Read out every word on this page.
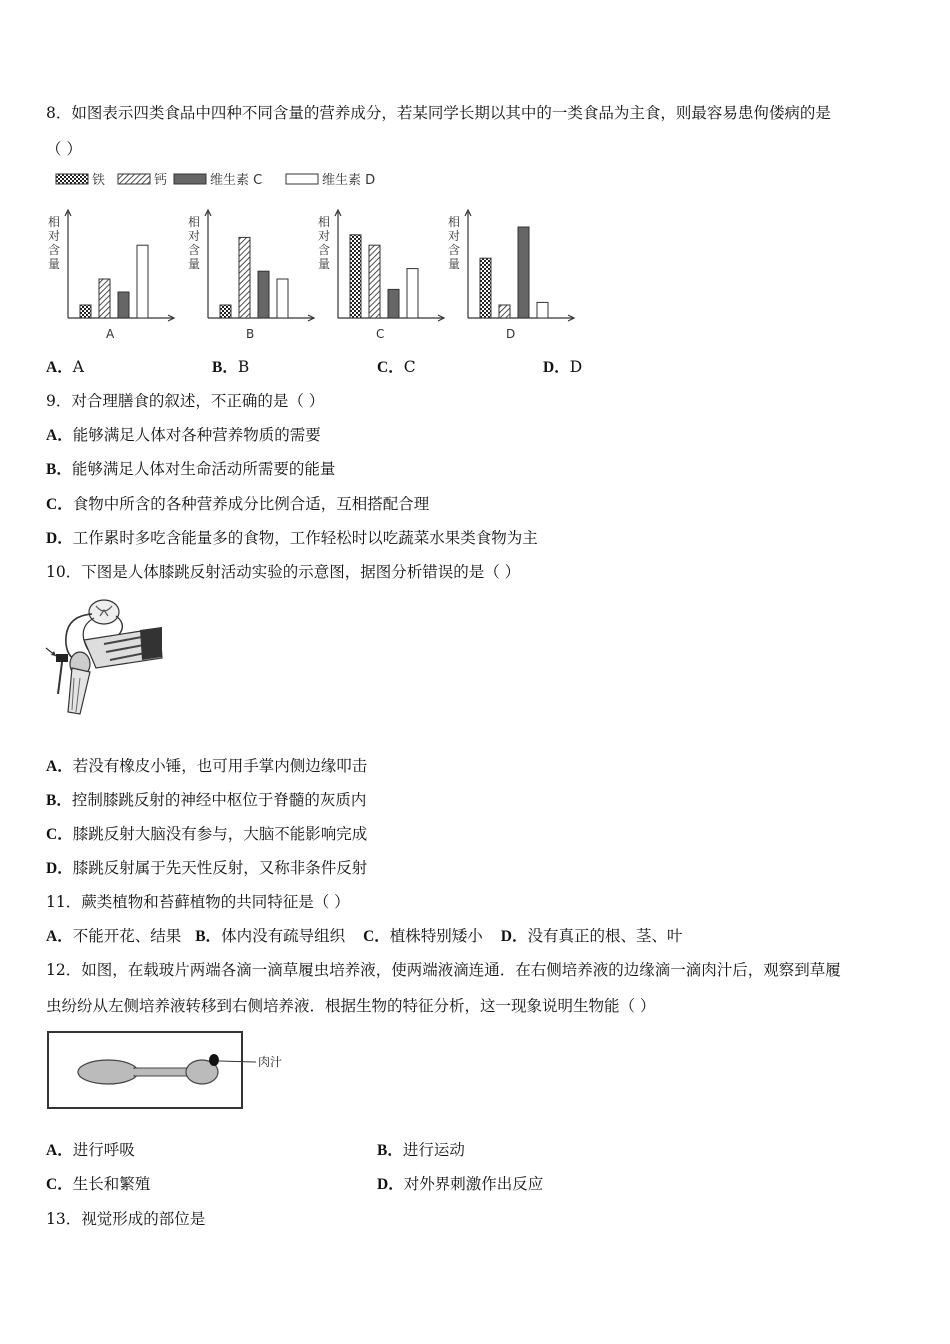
8．如图表示四类食品中四种不同含量的营养成分，若某同学长期以其中的一类食品为主食，则最容易患佝偻病的是
（ ）
铁	钙	维生素 C	维生素 D
相
对
含
量
A
相
对
含
量
B
相
对
含
量
C
相
对
含
量
D
A．A	B．B	C．C	D．D
9．对合理膳食的叙述，不正确的是（ ）
A．能够满足人体对各种营养物质的需要
B．能够满足人体对生命活动所需要的能量
C．食物中所含的各种营养成分比例合适，互相搭配合理
D．工作累时多吃含能量多的食物，工作轻松时以吃蔬菜水果类食物为主
10．下图是人体膝跳反射活动实验的示意图，据图分析错误的是（ ）
A．若没有橡皮小锤，也可用手掌内侧边缘叩击
B．控制膝跳反射的神经中枢位于脊髓的灰质内
C．膝跳反射大脑没有参与，大脑不能影响完成
D．膝跳反射属于先天性反射，又称非条件反射
11．蕨类植物和苔藓植物的共同特征是（ ）
A．不能开花、结果 B．体内没有疏导组织 C．植株特别矮小 D．没有真正的根、茎、叶
12．如图，在载玻片两端各滴一滴草履虫培养液，使两端液滴连通．在右侧培养液的边缘滴一滴肉汁后，观察到草履
虫纷纷从左侧培养液转移到右侧培养液．根据生物的特征分析，这一现象说明生物能（ ）
肉汁
A．进行呼吸	B．进行运动
C．生长和繁殖	D．对外界刺激作出反应
13．视觉形成的部位是
